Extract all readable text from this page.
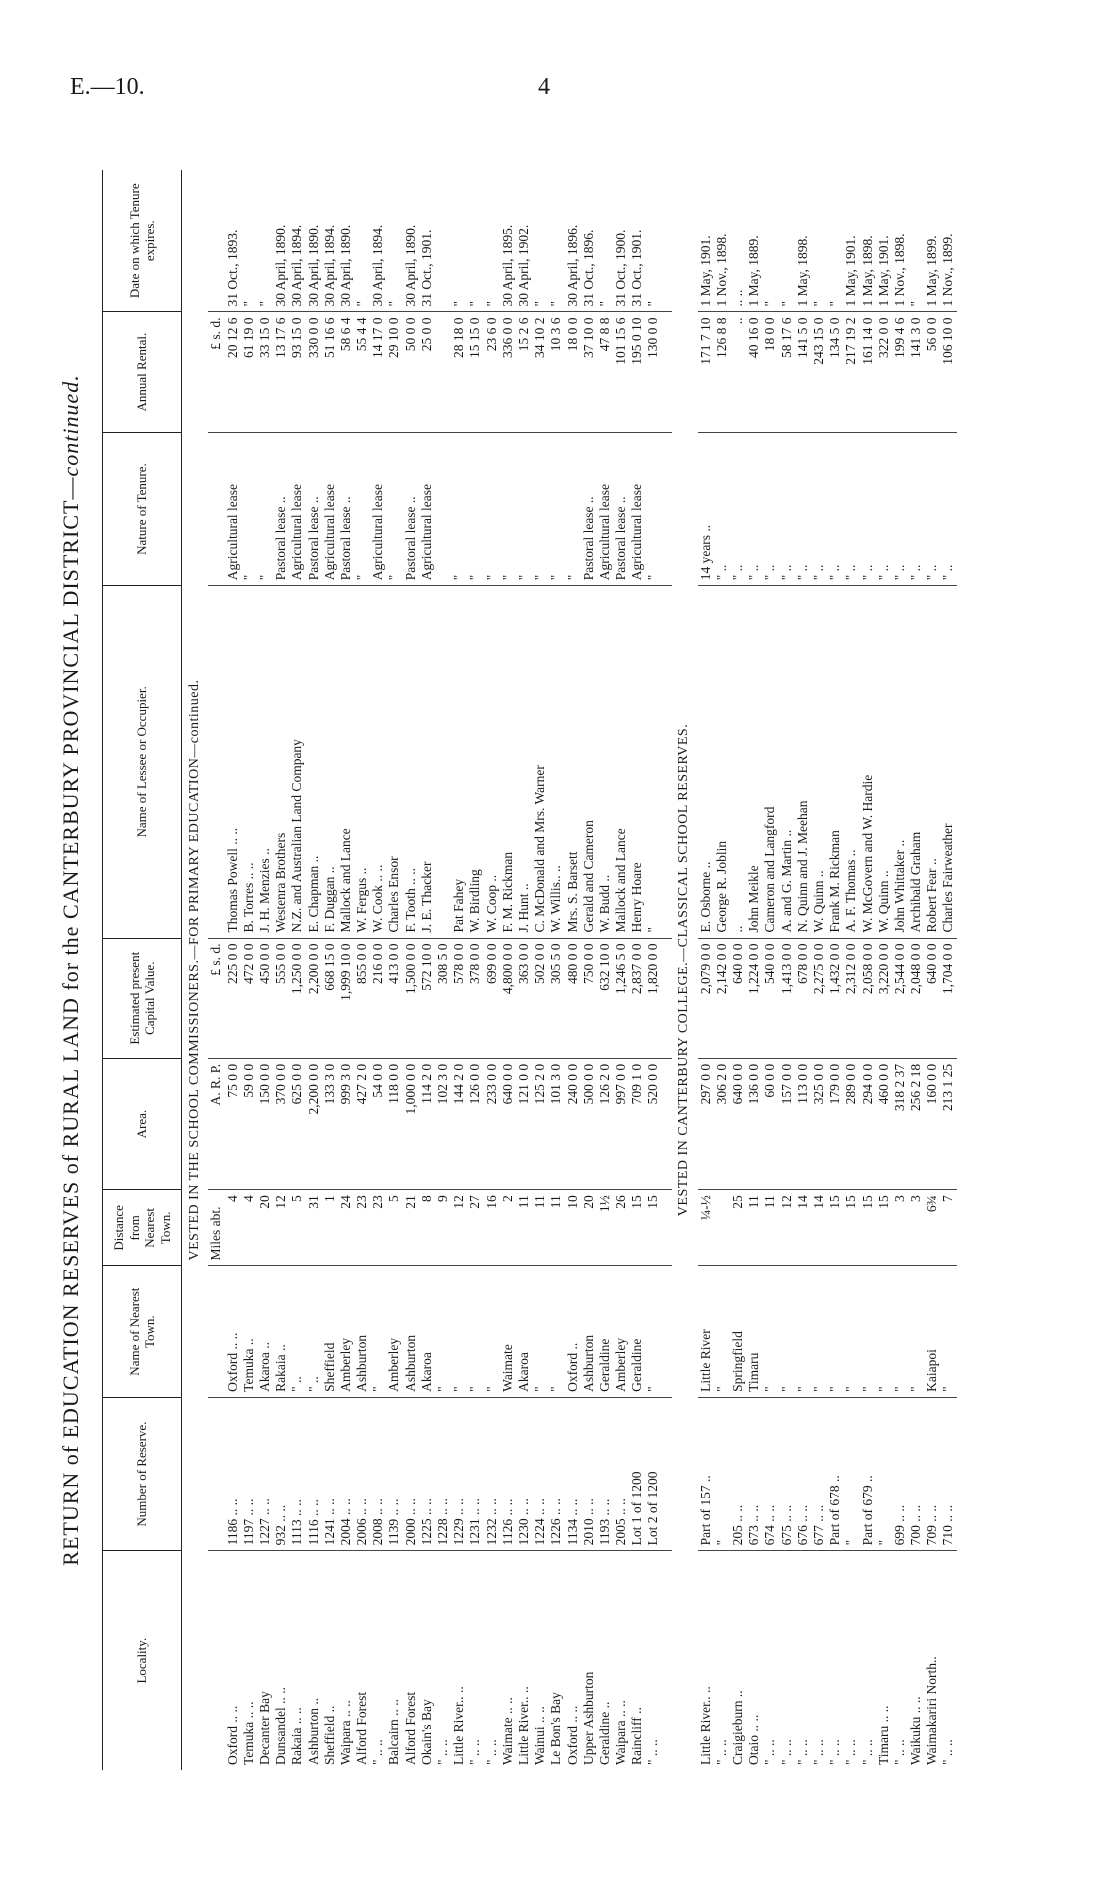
E.—10.	4
RETURN of EDUCATION RESERVES of RURAL LAND for the CANTERBURY PROVINCIAL DISTRICT—continued.
Locality.	Number of Reserve.	Name of Nearest Town.	Distance from Nearest Town.	Area.	Estimated present Capital Value.	Name of Lessee or Occupier.	Nature of Tenure.	Annual Rental.	Date on which Tenure expires.
VESTED IN THE SCHOOL COMMISSIONERS.—FOR PRIMARY EDUCATION—continued.									
			Miles abt.	A. R. P.	£ s. d.			£ s. d.	
Oxford .. ..	1186 .. ..	Oxford .. ..	4	75 0 0	225 0 0	Thomas Powell .. ..	Agricultural lease	20 12 6	31 Oct., 1893.
Temuka .. ..	1197 .. ..	Temuka ..	4	59 0 0	472 0 0	B. Torres .. ..	"	61 19 0	"
Decanter Bay	1227 .. ..	Akaroa ..	20	150 0 0	450 0 0	J. H. Menzies ..	"	33 15 0	"
Dunsandel .. ..	932 .. ..	Rakaia ..	12	370 0 0	555 0 0	Westenra Brothers	Pastoral lease ..	13 17 6	30 April, 1890.
Rakaia .. ..	1113 .. ..	" ..	5	625 0 0	1,250 0 0	N.Z. and Australian Land Company	Agricultural lease	93 15 0	30 April, 1894.
Ashburton ..	1116 .. ..	" ..	31	2,200 0 0	2,200 0 0	E. Chapman ..	Pastoral lease ..	330 0 0	30 April, 1890.
Sheffield ..	1241 .. ..	Sheffield	1	133 3 0	668 15 0	F. Duggan ..	Agricultural lease	51 16 6	30 April, 1894.
Waipara .. ..	2004 .. ..	Amberley	24	999 3 0	1,999 10 0	Mallock and Lance	Pastoral lease ..	58 6 4	30 April, 1890.
Alford Forest	2006 .. ..	Ashburton	23	427 2 0	855 0 0	W. Fergus ..	"	55 4 4	"
" .. ..	2008 .. ..	"	23	54 0 0	216 0 0	W. Cook .. ..	Agricultural lease	14 17 0	30 April, 1894.
Balcairn .. ..	1139 .. ..	Amberley	5	118 0 0	413 0 0	Charles Ensor	"	29 10 0	"
Alford Forest	2000 .. ..	Ashburton	21	1,000 0 0	1,500 0 0	F. Tooth .. ..	Pastoral lease ..	50 0 0	30 April, 1890.
Okain's Bay	1225 .. ..	Akaroa	8	114 2 0	572 10 0	J. E. Thacker	Agricultural lease	25 0 0	31 Oct., 1901.
" .. ..	1228 .. ..	"	9	102 3 0	308 5 0				
Little River.. ..	1229 .. ..	"	12	144 2 0	578 0 0	Pat Fahey	"	28 18 0	"
" .. ..	1231 .. ..	"	27	126 0 0	378 0 0	W. Birdling	"	15 15 0	"
" .. ..	1232 .. ..	"	16	233 0 0	699 0 0	W. Coop ..	"	23 6 0	"
Waimate .. ..	1126 .. ..	Waimate	2	640 0 0	4,800 0 0	F. M. Rickman	"	336 0 0	30 April, 1895.
Little River.. ..	1230 .. ..	Akaroa	11	121 0 0	363 0 0	J. Hunt ..	"	15 2 6	30 April, 1902.
Wainui .. ..	1224 .. ..	"	11	125 2 0	502 0 0	C. McDonald and Mrs. Warner	"	34 10 2	"
Le Bon's Bay	1226 .. ..	"	11	101 3 0	305 5 0	W. Willis.. ..	"	10 3 6	"
Oxford .. ..	1134 .. ..	Oxford ..	10	240 0 0	480 0 0	Mrs. S. Barsett	"	18 0 0	30 April, 1896.
Upper Ashburton	2010 .. ..	Ashburton	20	500 0 0	750 0 0	Gerald and Cameron	Pastoral lease ..	37 10 0	31 Oct., 1896.
Geraldine ..	1193 .. ..	Geraldine	1½	126 2 0	632 10 0	W. Budd ..	Agricultural lease	47 8 8	"
Waipara .. ..	2005 .. ..	Amberley	26	997 0 0	1,246 5 0	Mallock and Lance	Pastoral lease ..	101 15 6	31 Oct., 1900.
Raincliff ..	Lot 1 of 1200	Geraldine	15	709 1 0	2,837 0 0	Henry Hoare	Agricultural lease	195 0 10	31 Oct., 1901.
" .. ..	Lot 2 of 1200	"	15	520 0 0	1,820 0 0	"	"	130 0 0	"

VESTED IN CANTERBURY COLLEGE.—CLASSICAL SCHOOL RESERVES.									
Little River.. ..	Part of 157 ..	Little River	¼-½	297 0 0	2,079 0 0	E. Osborne ..	14 years ..	171 7 10	1 May, 1901.
" .. ..	"	"		306 2 0	2,142 0 0	George R. Joblin	" ..	126 8 8	1 Nov., 1898.
Craigieburn ..	205 .. ..	Springfield	25	640 0 0	640 0 0	..	" ..	..	.. ..
Otaio .. ..	673 .. ..	Timaru	11	136 0 0	1,224 0 0	John Meikle	" ..	40 16 0	1 May, 1889.
" .. ..	674 .. ..	"	11	60 0 0	540 0 0	Cameron and Langford	" ..	18 0 0	"
" .. ..	675 .. ..	"	12	157 0 0	1,413 0 0	A. and G. Martin ..	" ..	58 17 6	"
" .. ..	676 .. ..	"	14	113 0 0	678 0 0	N. Quinn and J. Meehan	" ..	141 5 0	1 May, 1898.
" .. ..	677 .. ..	"	14	325 0 0	2,275 0 0	W. Quinn ..	" ..	243 15 0	"
" .. ..	Part of 678 ..	"	15	179 0 0	1,432 0 0	Frank M. Rickman	" ..	134 5 0	"
" .. ..	"	"	15	289 0 0	2,312 0 0	A. F. Thomas ..	" ..	217 19 2	1 May, 1901.
" .. ..	Part of 679 ..	"	15	294 0 0	2,058 0 0	W. McGovern and W. Hardie	" ..	161 14 0	1 May, 1898.
Timaru .. ..	"	"	15	460 0 0	3,220 0 0	W. Quinn ..	" ..	322 0 0	1 May, 1901.
" .. ..	699 .. ..	"	3	318 2 37	2,544 0 0	John Whittaker ..	" ..	199 4 6	1 Nov., 1898.
Waikuku .. ..	700 .. ..	"	3	256 2 18	2,048 0 0	Archibald Graham	" ..	141 3 0	"
Waimakariri North..	709 .. ..	Kaiapoi	6¾	160 0 0	640 0 0	Robert Fear ..	" ..	56 0 0	1 May, 1899.
" .. ..	710 .. ..	"	7	213 1 25	1,704 0 0	Charles Fairweather	" ..	106 10 0	1 Nov., 1899.
